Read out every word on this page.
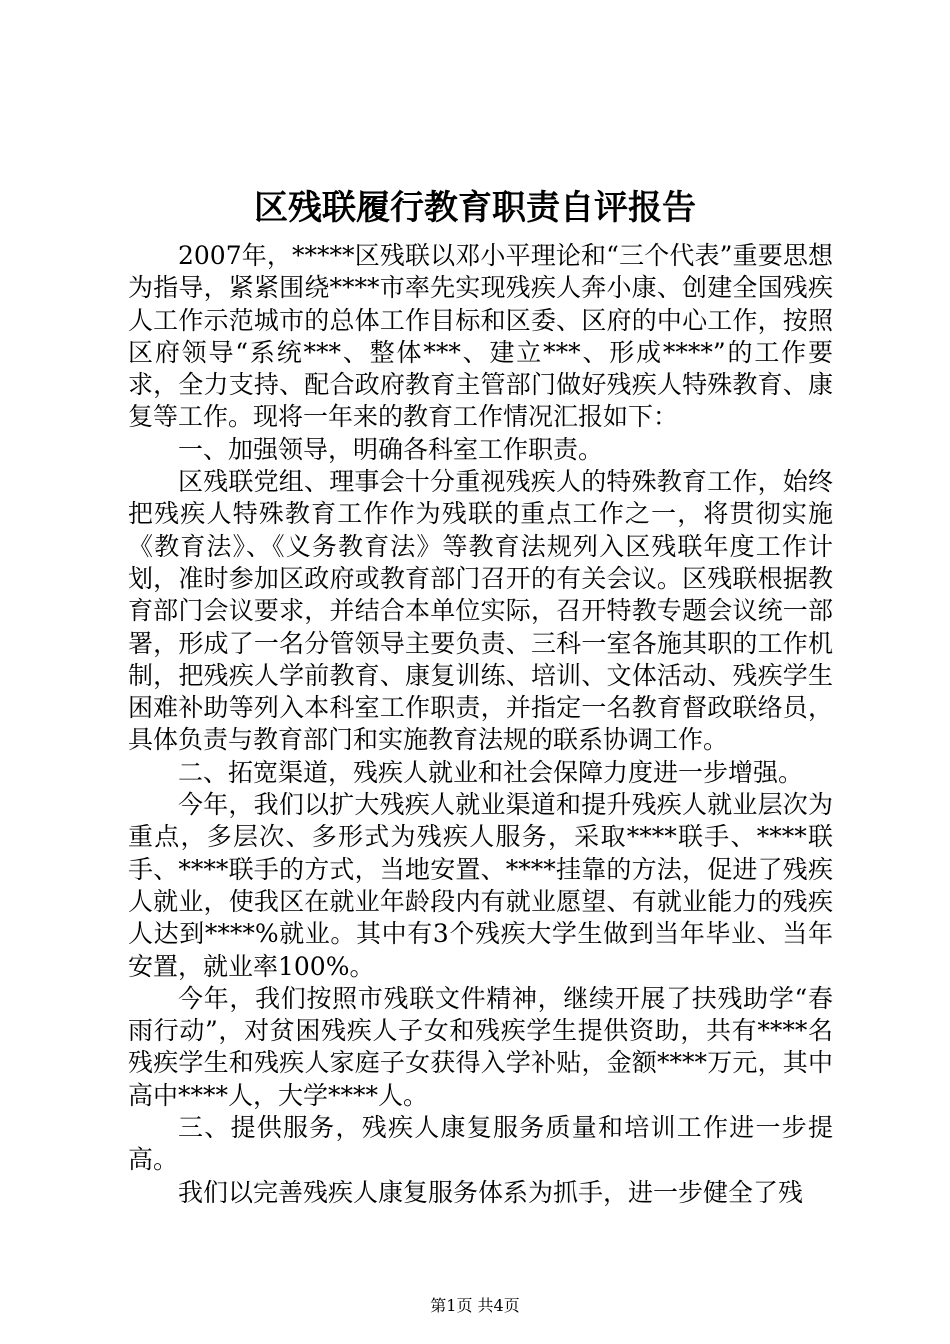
区残联履行教育职责自评报告

2007年，*****区残联以邓小平理论和“三个代表”重要思想为指导，紧紧围绕****市率先实现残疾人奔小康、创建全国残疾人工作示范城市的总体工作目标和区委、区府的中心工作，按照区府领导“系统***、整体***、建立***、形成****”的工作要求，全力支持、配合政府教育主管部门做好残疾人特殊教育、康复等工作。现将一年来的教育工作情况汇报如下：

一、加强领导，明确各科室工作职责。

区残联党组、理事会十分重视残疾人的特殊教育工作，始终把残疾人特殊教育工作作为残联的重点工作之一，将贯彻实施《教育法》、《义务教育法》等教育法规列入区残联年度工作计划，准时参加区政府或教育部门召开的有关会议。区残联根据教育部门会议要求，并结合本单位实际，召开特教专题会议统一部署，形成了一名分管领导主要负责、三科一室各施其职的工作机制，把残疾人学前教育、康复训练、培训、文体活动、残疾学生困难补助等列入本科室工作职责，并指定一名教育督政联络员，具体负责与教育部门和实施教育法规的联系协调工作。

二、拓宽渠道，残疾人就业和社会保障力度进一步增强。

今年，我们以扩大残疾人就业渠道和提升残疾人就业层次为重点，多层次、多形式为残疾人服务，采取****联手、****联手、****联手的方式，当地安置、****挂靠的方法，促进了残疾人就业，使我区在就业年龄段内有就业愿望、有就业能力的残疾人达到****%就业。其中有3个残疾大学生做到当年毕业、当年安置，就业率100%。

今年，我们按照市残联文件精神，继续开展了扶残助学“春雨行动”，对贫困残疾人子女和残疾学生提供资助，共有****名残疾学生和残疾人家庭子女获得入学补贴，金额****万元，其中高中****人，大学****人。

三、提供服务，残疾人康复服务质量和培训工作进一步提高。

我们以完善残疾人康复服务体系为抓手，进一步健全了残

第1页 共4页
